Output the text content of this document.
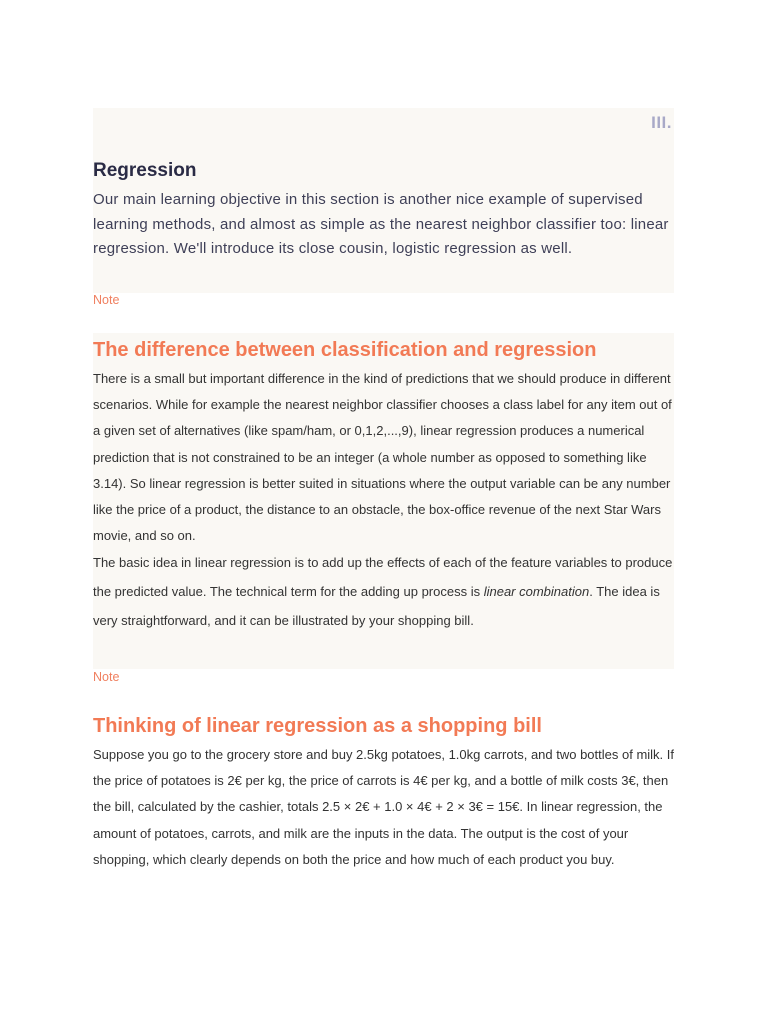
III.
Regression

Our main learning objective in this section is another nice example of supervised learning methods, and almost as simple as the nearest neighbor classifier too: linear regression. We'll introduce its close cousin, logistic regression as well.

Note
The difference between classification and regression

There is a small but important difference in the kind of predictions that we should produce in different scenarios. While for example the nearest neighbor classifier chooses a class label for any item out of a given set of alternatives (like spam/ham, or 0,1,2,...,9), linear regression produces a numerical prediction that is not constrained to be an integer (a whole number as opposed to something like 3.14). So linear regression is better suited in situations where the output variable can be any number like the price of a product, the distance to an obstacle, the box-office revenue of the next Star Wars movie, and so on.

The basic idea in linear regression is to add up the effects of each of the feature variables to produce the predicted value. The technical term for the adding up process is linear combination. The idea is very straightforward, and it can be illustrated by your shopping bill.

Note
Thinking of linear regression as a shopping bill

Suppose you go to the grocery store and buy 2.5kg potatoes, 1.0kg carrots, and two bottles of milk. If the price of potatoes is 2€ per kg, the price of carrots is 4€ per kg, and a bottle of milk costs 3€, then the bill, calculated by the cashier, totals 2.5 × 2€ + 1.0 × 4€ + 2 × 3€ = 15€. In linear regression, the amount of potatoes, carrots, and milk are the inputs in the data. The output is the cost of your shopping, which clearly depends on both the price and how much of each product you buy.
